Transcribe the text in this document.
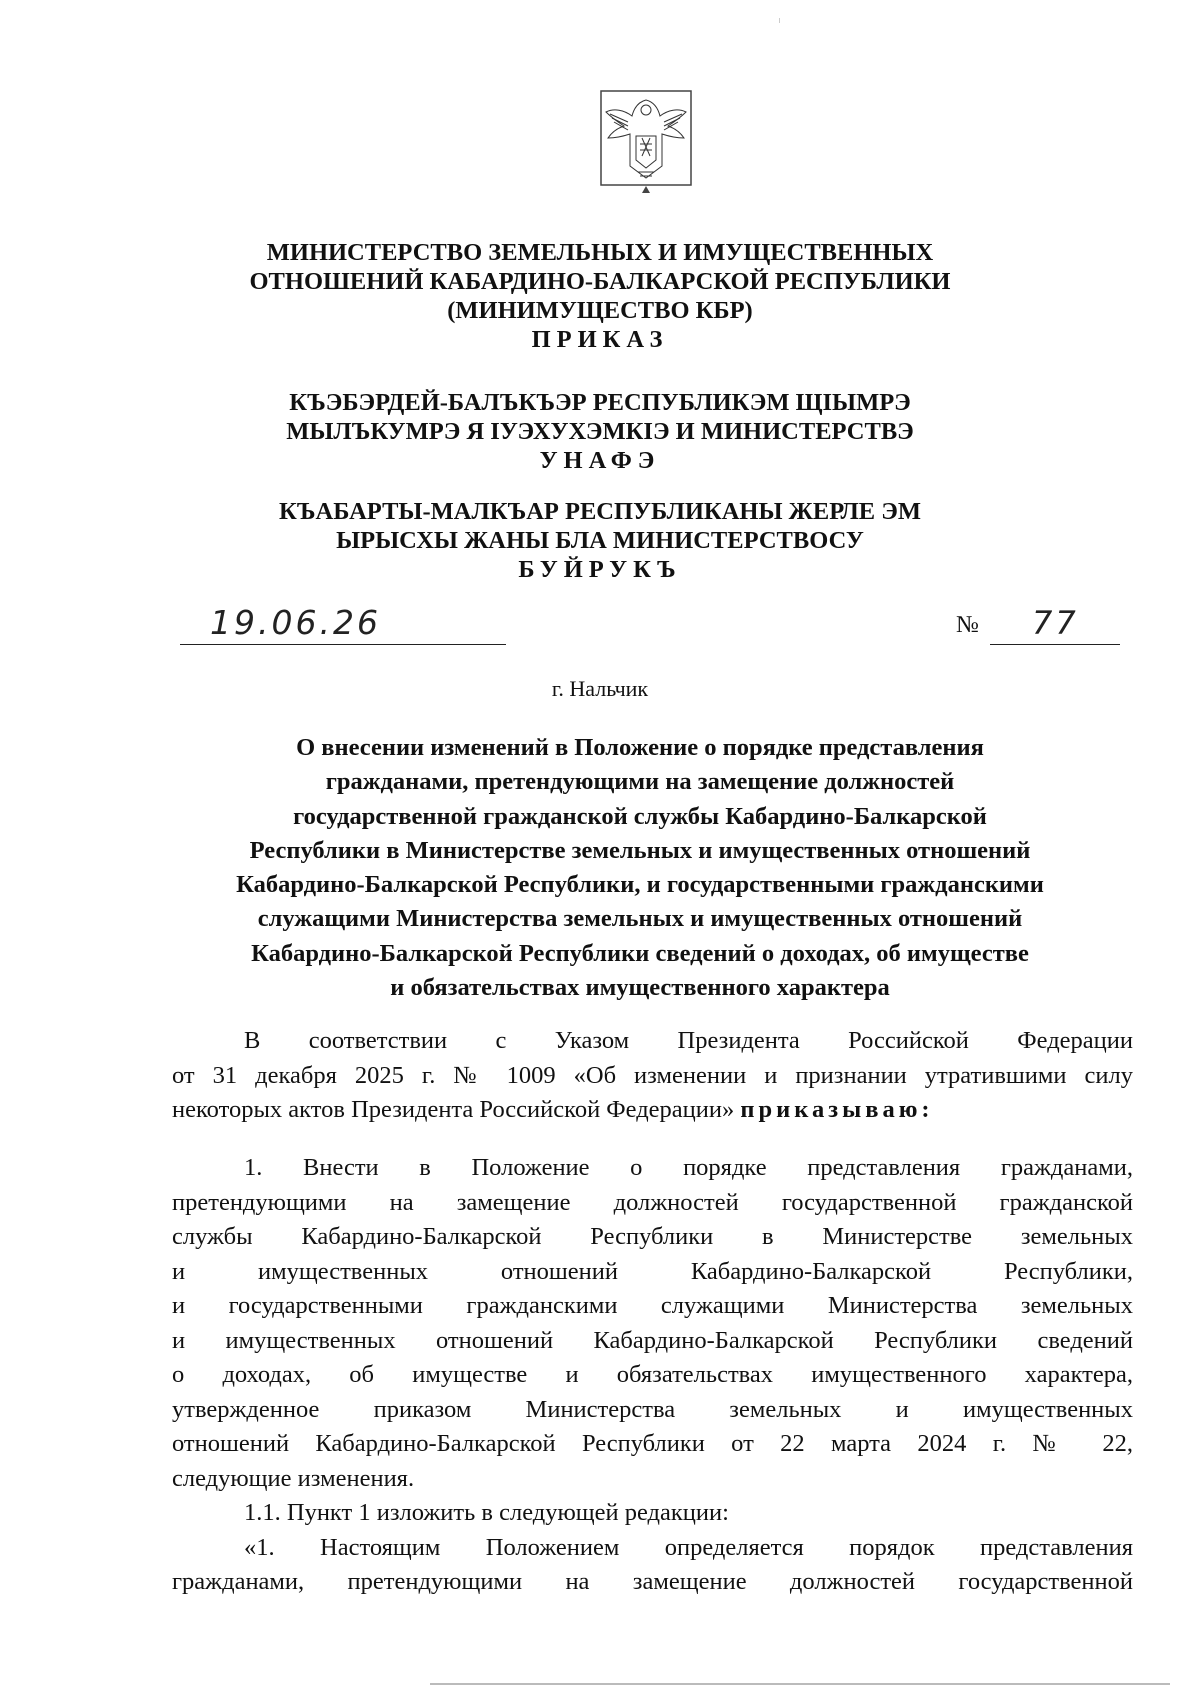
МИНИСТЕРСТВО ЗЕМЕЛЬНЫХ И ИМУЩЕСТВЕННЫХ
ОТНОШЕНИЙ КАБАРДИНО-БАЛКАРСКОЙ РЕСПУБЛИКИ
(МИНИМУЩЕСТВО КБР)
ПРИКАЗ
КЪЭБЭРДЕЙ-БАЛЪКЪЭР РЕСПУБЛИКЭМ ЩIЫМРЭ
МЫЛЪКУМРЭ Я IУЭХУХЭМКIЭ И МИНИСТЕРСТВЭ
УНАФЭ
КЪАБАРТЫ-МАЛКЪАР РЕСПУБЛИКАНЫ ЖЕРЛЕ ЭМ
ЫРЫСХЫ ЖАНЫ БЛА МИНИСТЕРСТВОСУ
БУЙРУКЪ
19.06.26	№ 77
г. Нальчик
О внесении изменений в Положение о порядке представления
гражданами, претендующими на замещение должностей
государственной гражданской службы Кабардино-Балкарской
Республики в Министерстве земельных и имущественных отношений
Кабардино-Балкарской Республики, и государственными гражданскими
служащими Министерства земельных и имущественных отношений
Кабардино-Балкарской Республики сведений о доходах, об имуществе
и обязательствах имущественного характера
В соответствии с Указом Президента Российской Федерации
от 31 декабря 2025 г. № 1009 «Об изменении и признании утратившими силу
некоторых актов Президента Российской Федерации» приказываю:
1. Внести в Положение о порядке представления гражданами,
претендующими на замещение должностей государственной гражданской
службы Кабардино-Балкарской Республики в Министерстве земельных
и имущественных отношений Кабардино-Балкарской Республики,
и государственными гражданскими служащими Министерства земельных
и имущественных отношений Кабардино-Балкарской Республики сведений
о доходах, об имуществе и обязательствах имущественного характера,
утвержденное приказом Министерства земельных и имущественных
отношений Кабардино-Балкарской Республики от 22 марта 2024 г. № 22,
следующие изменения.
1.1. Пункт 1 изложить в следующей редакции:
«1. Настоящим Положением определяется порядок представления
гражданами, претендующими на замещение должностей государственной
